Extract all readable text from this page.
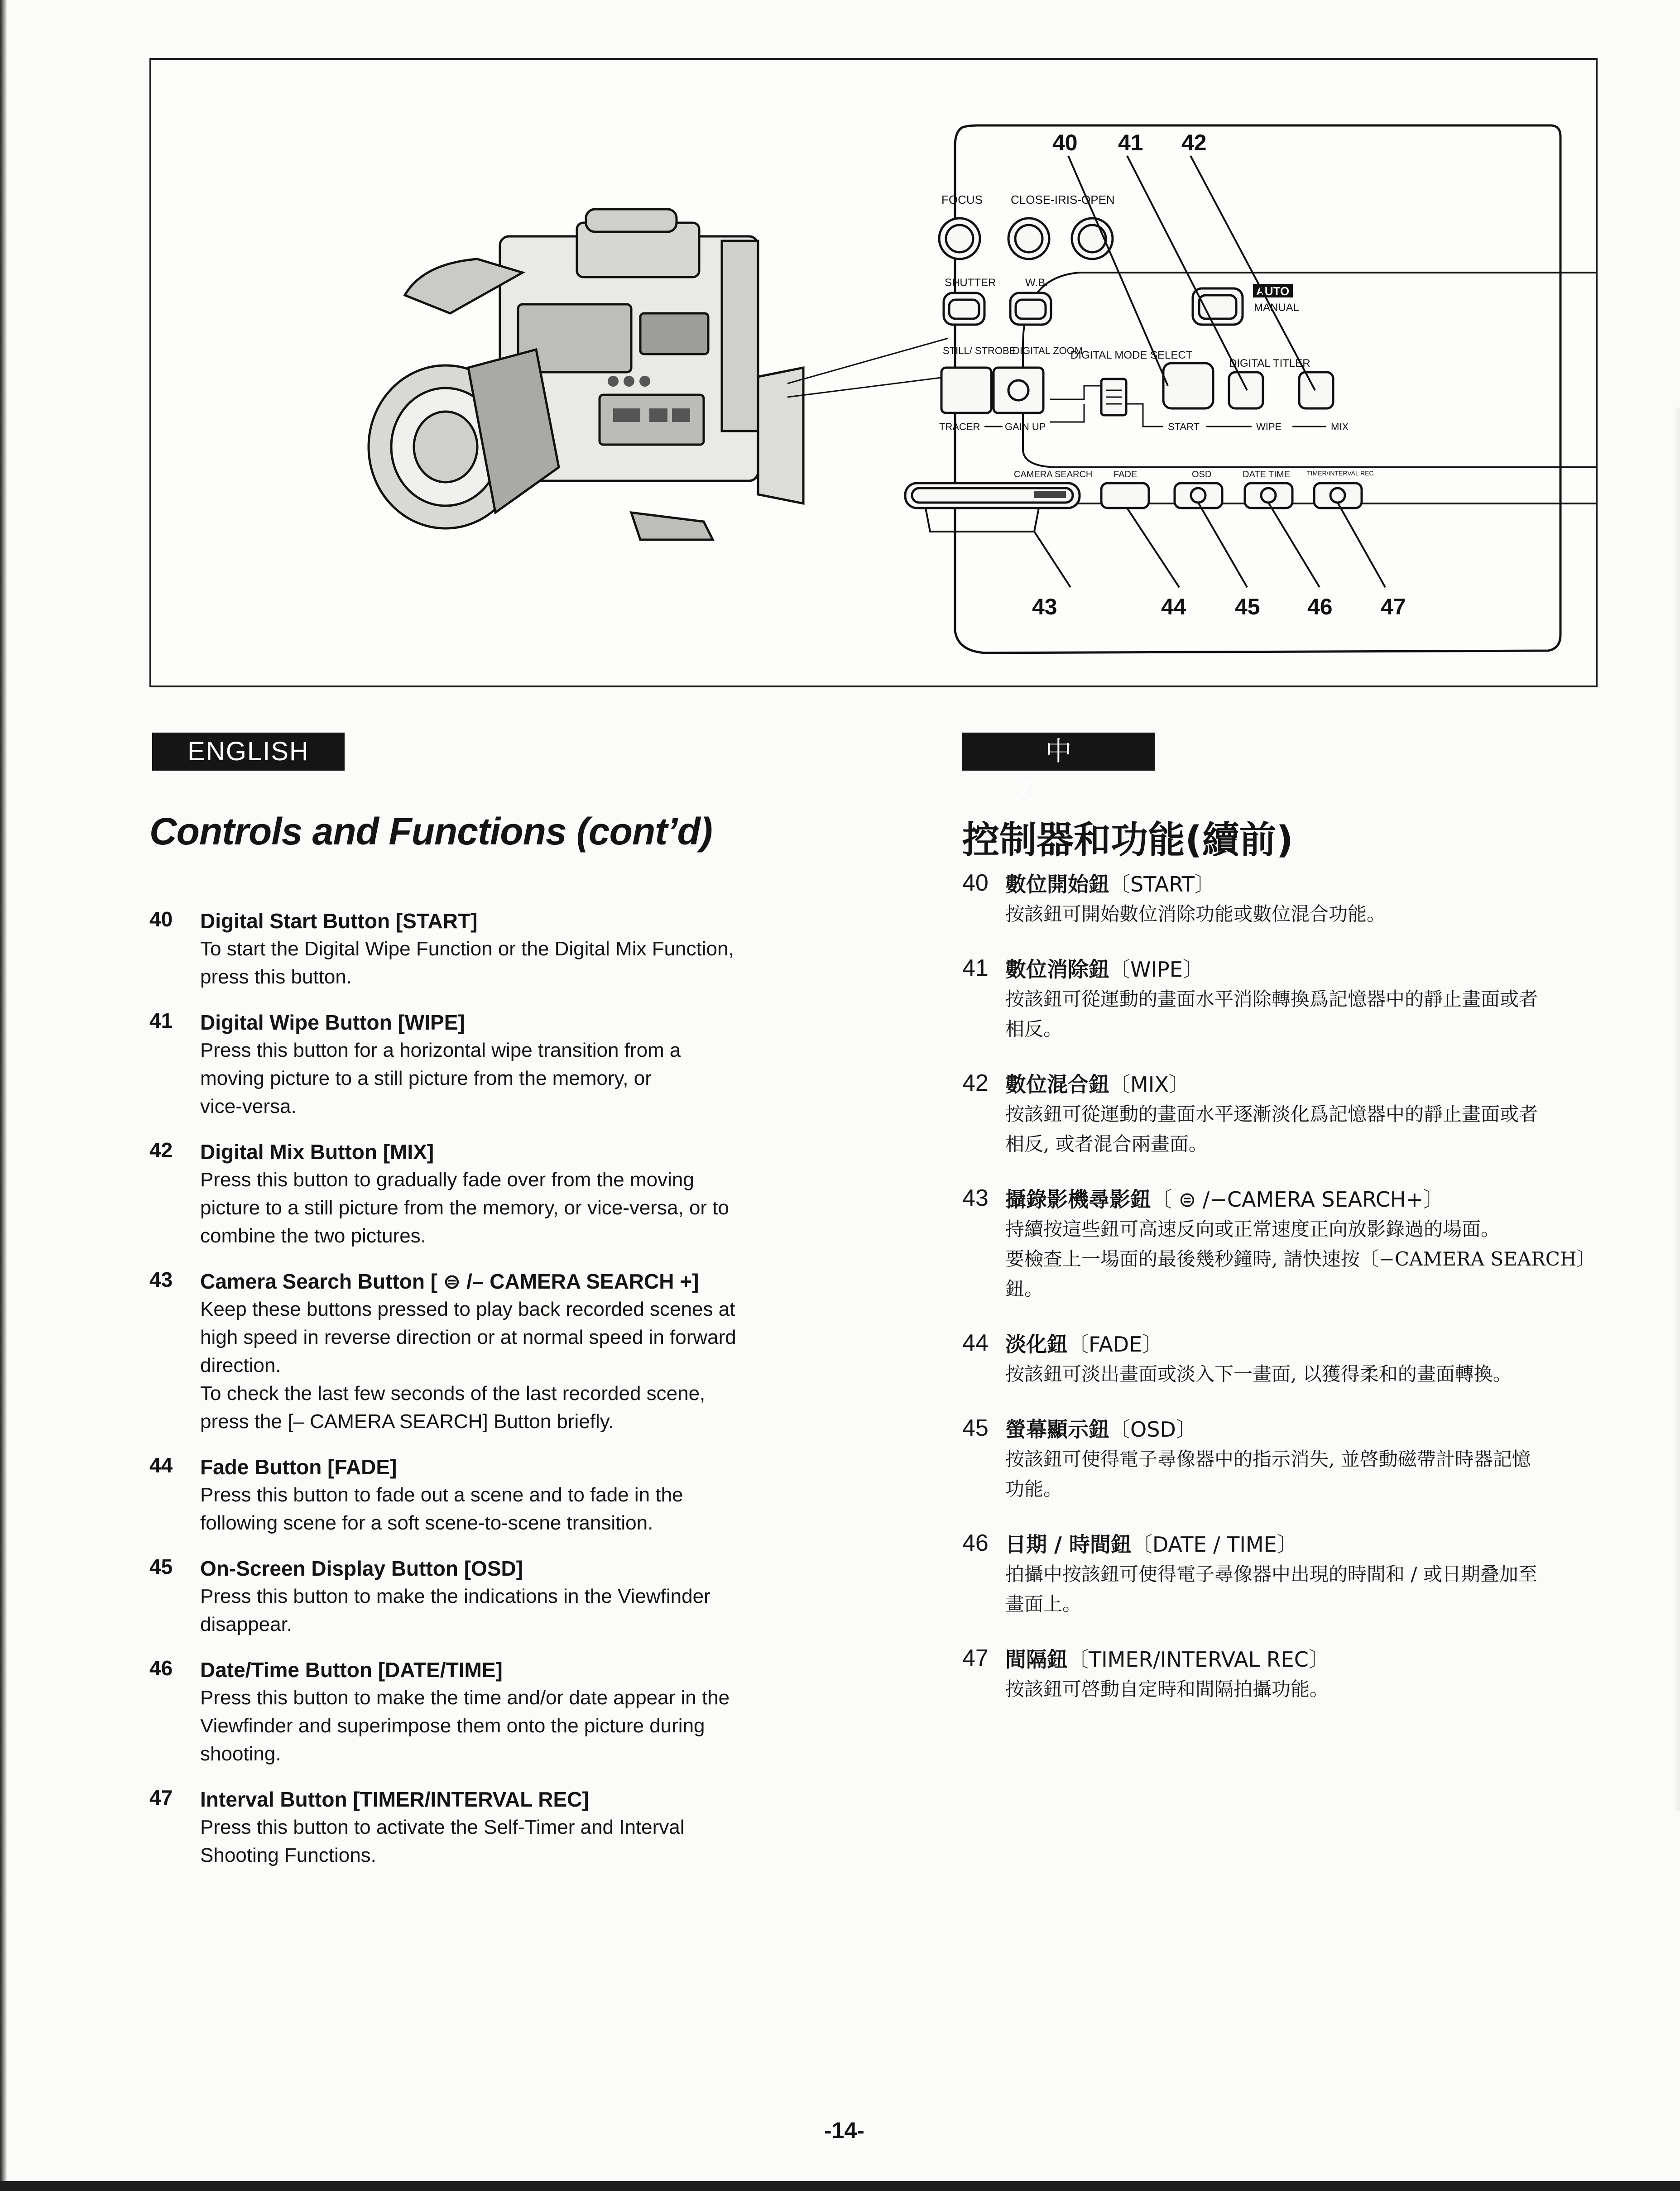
FOCUS CLOSE-IRIS-OPEN
SHUTTER	W.B.
AUTO
MANUAL
STILL/ STROBE
DIGITAL ZOOM
DIGITAL MODE SELECT
DIGITAL TITLER
TRACER GAIN UP	START	WIPE	MIX
CAMERA SEARCH FADE	OSD	DATE TIME	TIMER/INTERVAL REC
40 41 42
43	44 45 46 47
ENGLISH	中文
Controls and Functions (cont’d)	控制器和功能(續前)
40	Digital Start Button [START]
To start the Digital Wipe Function or the Digital Mix Function,
press this button.
41	Digital Wipe Button [WIPE]
Press this button for a horizontal wipe transition from a
moving picture to a still picture from the memory, or
vice-versa.
42	Digital Mix Button [MIX]
Press this button to gradually fade over from the moving
picture to a still picture from the memory, or vice-versa, or to
combine the two pictures.
43	Camera Search Button [ ⊜ /– CAMERA SEARCH +]
Keep these buttons pressed to play back recorded scenes at
high speed in reverse direction or at normal speed in forward
direction.
To check the last few seconds of the last recorded scene,
press the [– CAMERA SEARCH] Button briefly.
44	Fade Button [FADE]
Press this button to fade out a scene and to fade in the
following scene for a soft scene-to-scene transition.
45	On-Screen Display Button [OSD]
Press this button to make the indications in the Viewfinder
disappear.
46	Date/Time Button [DATE/TIME]
Press this button to make the time and/or date appear in the
Viewfinder and superimpose them onto the picture during
shooting.
47	Interval Button [TIMER/INTERVAL REC]
Press this button to activate the Self-Timer and Interval
Shooting Functions.
40 數位開始鈕〔START〕
按該鈕可開始數位消除功能或數位混合功能。
41 數位消除鈕〔WIPE〕
按該鈕可從運動的畫面水平消除轉換爲記憶器中的靜止畫面或者
相反。
42 數位混合鈕〔MIX〕
按該鈕可從運動的畫面水平逐漸淡化爲記憶器中的靜止畫面或者
相反, 或者混合兩畫面。
43 攝錄影機尋影鈕〔 ⊜ /−CAMERA SEARCH+〕
持續按這些鈕可高速反向或正常速度正向放影錄過的場面。
要檢查上一場面的最後幾秒鐘時, 請快速按〔−CAMERA SEARCH〕
鈕。
44 淡化鈕〔FADE〕
按該鈕可淡出畫面或淡入下一畫面, 以獲得柔和的畫面轉換。
45 螢幕顯示鈕〔OSD〕
按該鈕可使得電子尋像器中的指示消失, 並啓動磁帶計時器記憶
功能。
46 日期 / 時間鈕〔DATE / TIME〕
拍攝中按該鈕可使得電子尋像器中出現的時間和 / 或日期叠加至
畫面上。
47 間隔鈕〔TIMER/INTERVAL REC〕
按該鈕可啓動自定時和間隔拍攝功能。
-14-
